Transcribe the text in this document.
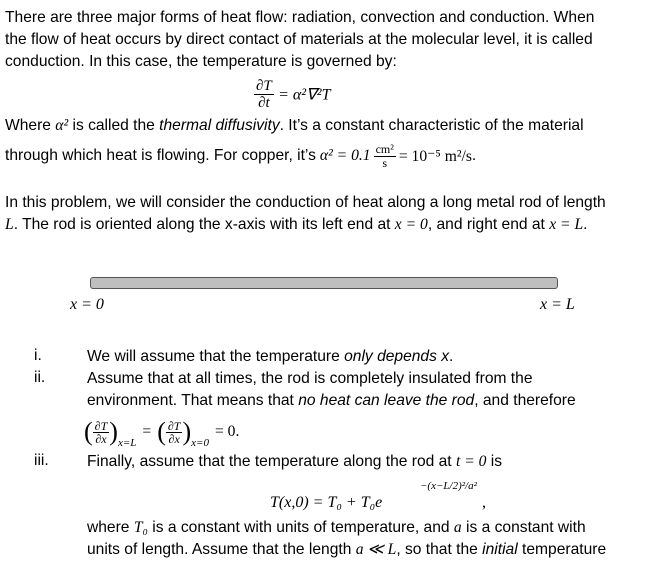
There are three major forms of heat flow: radiation, convection and conduction. When
the flow of heat occurs by direct contact of materials at the molecular level, it is called
conduction. In this case, the temperature is governed by:
$\frac{\partial T}{\partial t} = \alpha^2\nabla^2T$
Where α² is called the thermal diffusivity. It’s a constant characteristic of the material
through which heat is flowing. For copper, it’s $\alpha^2 = 0.1 \frac{\text{cm²}}{s} = 10^{-5}$ m²/s .
In this problem, we will consider the conduction of heat along a long metal rod of length
L. The rod is oriented along the x-axis with its left end at x = 0, and right end at x = L.
x = 0	x = L
i.	We will assume that the temperature only depends x.
ii.	Assume that at all times, the rod is completely insulated from the
environment. That means that no heat can leave the rod, and therefore
( $\frac{\partial T}{\partial x}$ ) x=L
= ( $\frac{\partial T}{\partial x}$ ) x=0
= 0.
iii. Finally, assume that the temperature along the rod at t = 0 is
T(x,0) = T₀ + T₀e
−(x−L/2)²/a²
,
where T₀ is a constant with units of temperature, and a is a constant with
units of length. Assume that the length a ≪ L, so that the initial temperature
